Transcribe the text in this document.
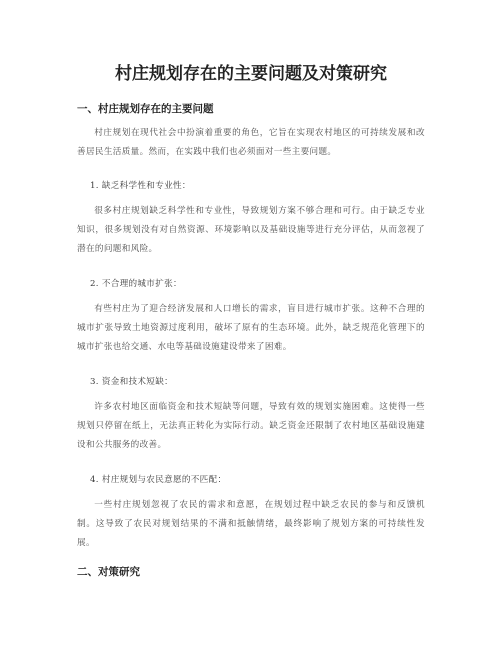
村庄规划存在的主要问题及对策研究
一、村庄规划存在的主要问题
村庄规划在现代社会中扮演着重要的角色，它旨在实现农村地区的可持续发展和改善居民生活质量。然而，在实践中我们也必须面对一些主要问题。
1. 缺乏科学性和专业性：
很多村庄规划缺乏科学性和专业性，导致规划方案不够合理和可行。由于缺乏专业知识，很多规划没有对自然资源、环境影响以及基础设施等进行充分评估，从而忽视了潜在的问题和风险。
2. 不合理的城市扩张：
有些村庄为了迎合经济发展和人口增长的需求，盲目进行城市扩张。这种不合理的城市扩张导致土地资源过度利用，破坏了原有的生态环境。此外，缺乏规范化管理下的城市扩张也给交通、水电等基础设施建设带来了困难。
3. 资金和技术短缺：
许多农村地区面临资金和技术短缺等问题，导致有效的规划实施困难。这使得一些规划只停留在纸上，无法真正转化为实际行动。缺乏资金还限制了农村地区基础设施建设和公共服务的改善。
4. 村庄规划与农民意愿的不匹配：
一些村庄规划忽视了农民的需求和意愿，在规划过程中缺乏农民的参与和反馈机制。这导致了农民对规划结果的不满和抵触情绪，最终影响了规划方案的可持续性发展。
二、对策研究
